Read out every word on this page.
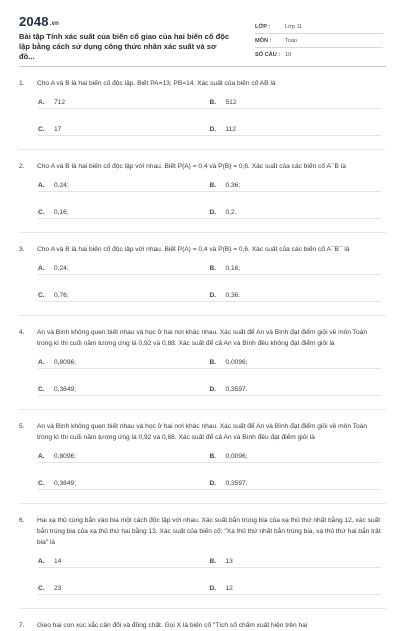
2048.vn
Bài tập Tính xác suất của biến cố giao của hai biến cố độc lập bằng cách sử dụng công thức nhân xác suất và sơ đồ...
LỚP :	Lớp 11
MÔN :	Toán
SỐ CÂU : 10
1.	Cho A và B là hai biến cố độc lập. Biết PA=13; PB=14. Xác suất của biến cố AB là
A.	712	B.	512
C.	17	D.	112
2.	Cho A và B là hai biến cố độc lập với nhau. Biết P(A) = 0,4 và P(B) = 0,6. Xác suất của các biến cố A¯B là
A.	0,24;	B.	0,36;
C.	0,16;	D.	0,2.
3.	Cho A và B là hai biến cố độc lập với nhau. Biết P(A) = 0,4 và P(B) = 0,6. Xác suất của các biến cố A¯B¯ là
A.	0,24;	B.	0,16;
C.	0,76;	D.	0,36.
4.	An và Bình không quen biết nhau và học ở hai nơi khác nhau. Xác suất để An và Bình đạt điểm giỏi về môn Toán trong kì thi cuối năm tương ứng là 0,92 và 0,88. Xác suất để cả An và Bình đều không đạt điểm giỏi là
A.	0,8096;	B.	0,0096;
C.	0,3649;	D.	0,3597.
5.	An và Bình không quen biết nhau và học ở hai nơi khác nhau. Xác suất để An và Bình đạt điểm giỏi về môn Toán trong kì thi cuối năm tương ứng là 0,92 và 0,88. Xác suất để cả An và Bình đều đạt điểm giỏi là
A.	0,8096;	B.	0,0096;
C.	0,3649;	D.	0,3597.
6.	Hai xạ thủ cùng bắn vào bia một cách độc lập với nhau. Xác suất bắn trúng bia của xạ thủ thứ nhất bằng 12, xác suất bắn trúng bia của xạ thủ thứ hai bằng 13. Xác suất của biến cố: "Xạ thủ thứ nhất bắn trúng bia, xạ thủ thứ hai bắn trật bia" là
A.	14	B.	13
C.	23	D.	12
7.	Gieo hai con xúc xắc cân đối và đồng chất. Gọi X là biến cố "Tích số chấm xuất hiện trên hai
